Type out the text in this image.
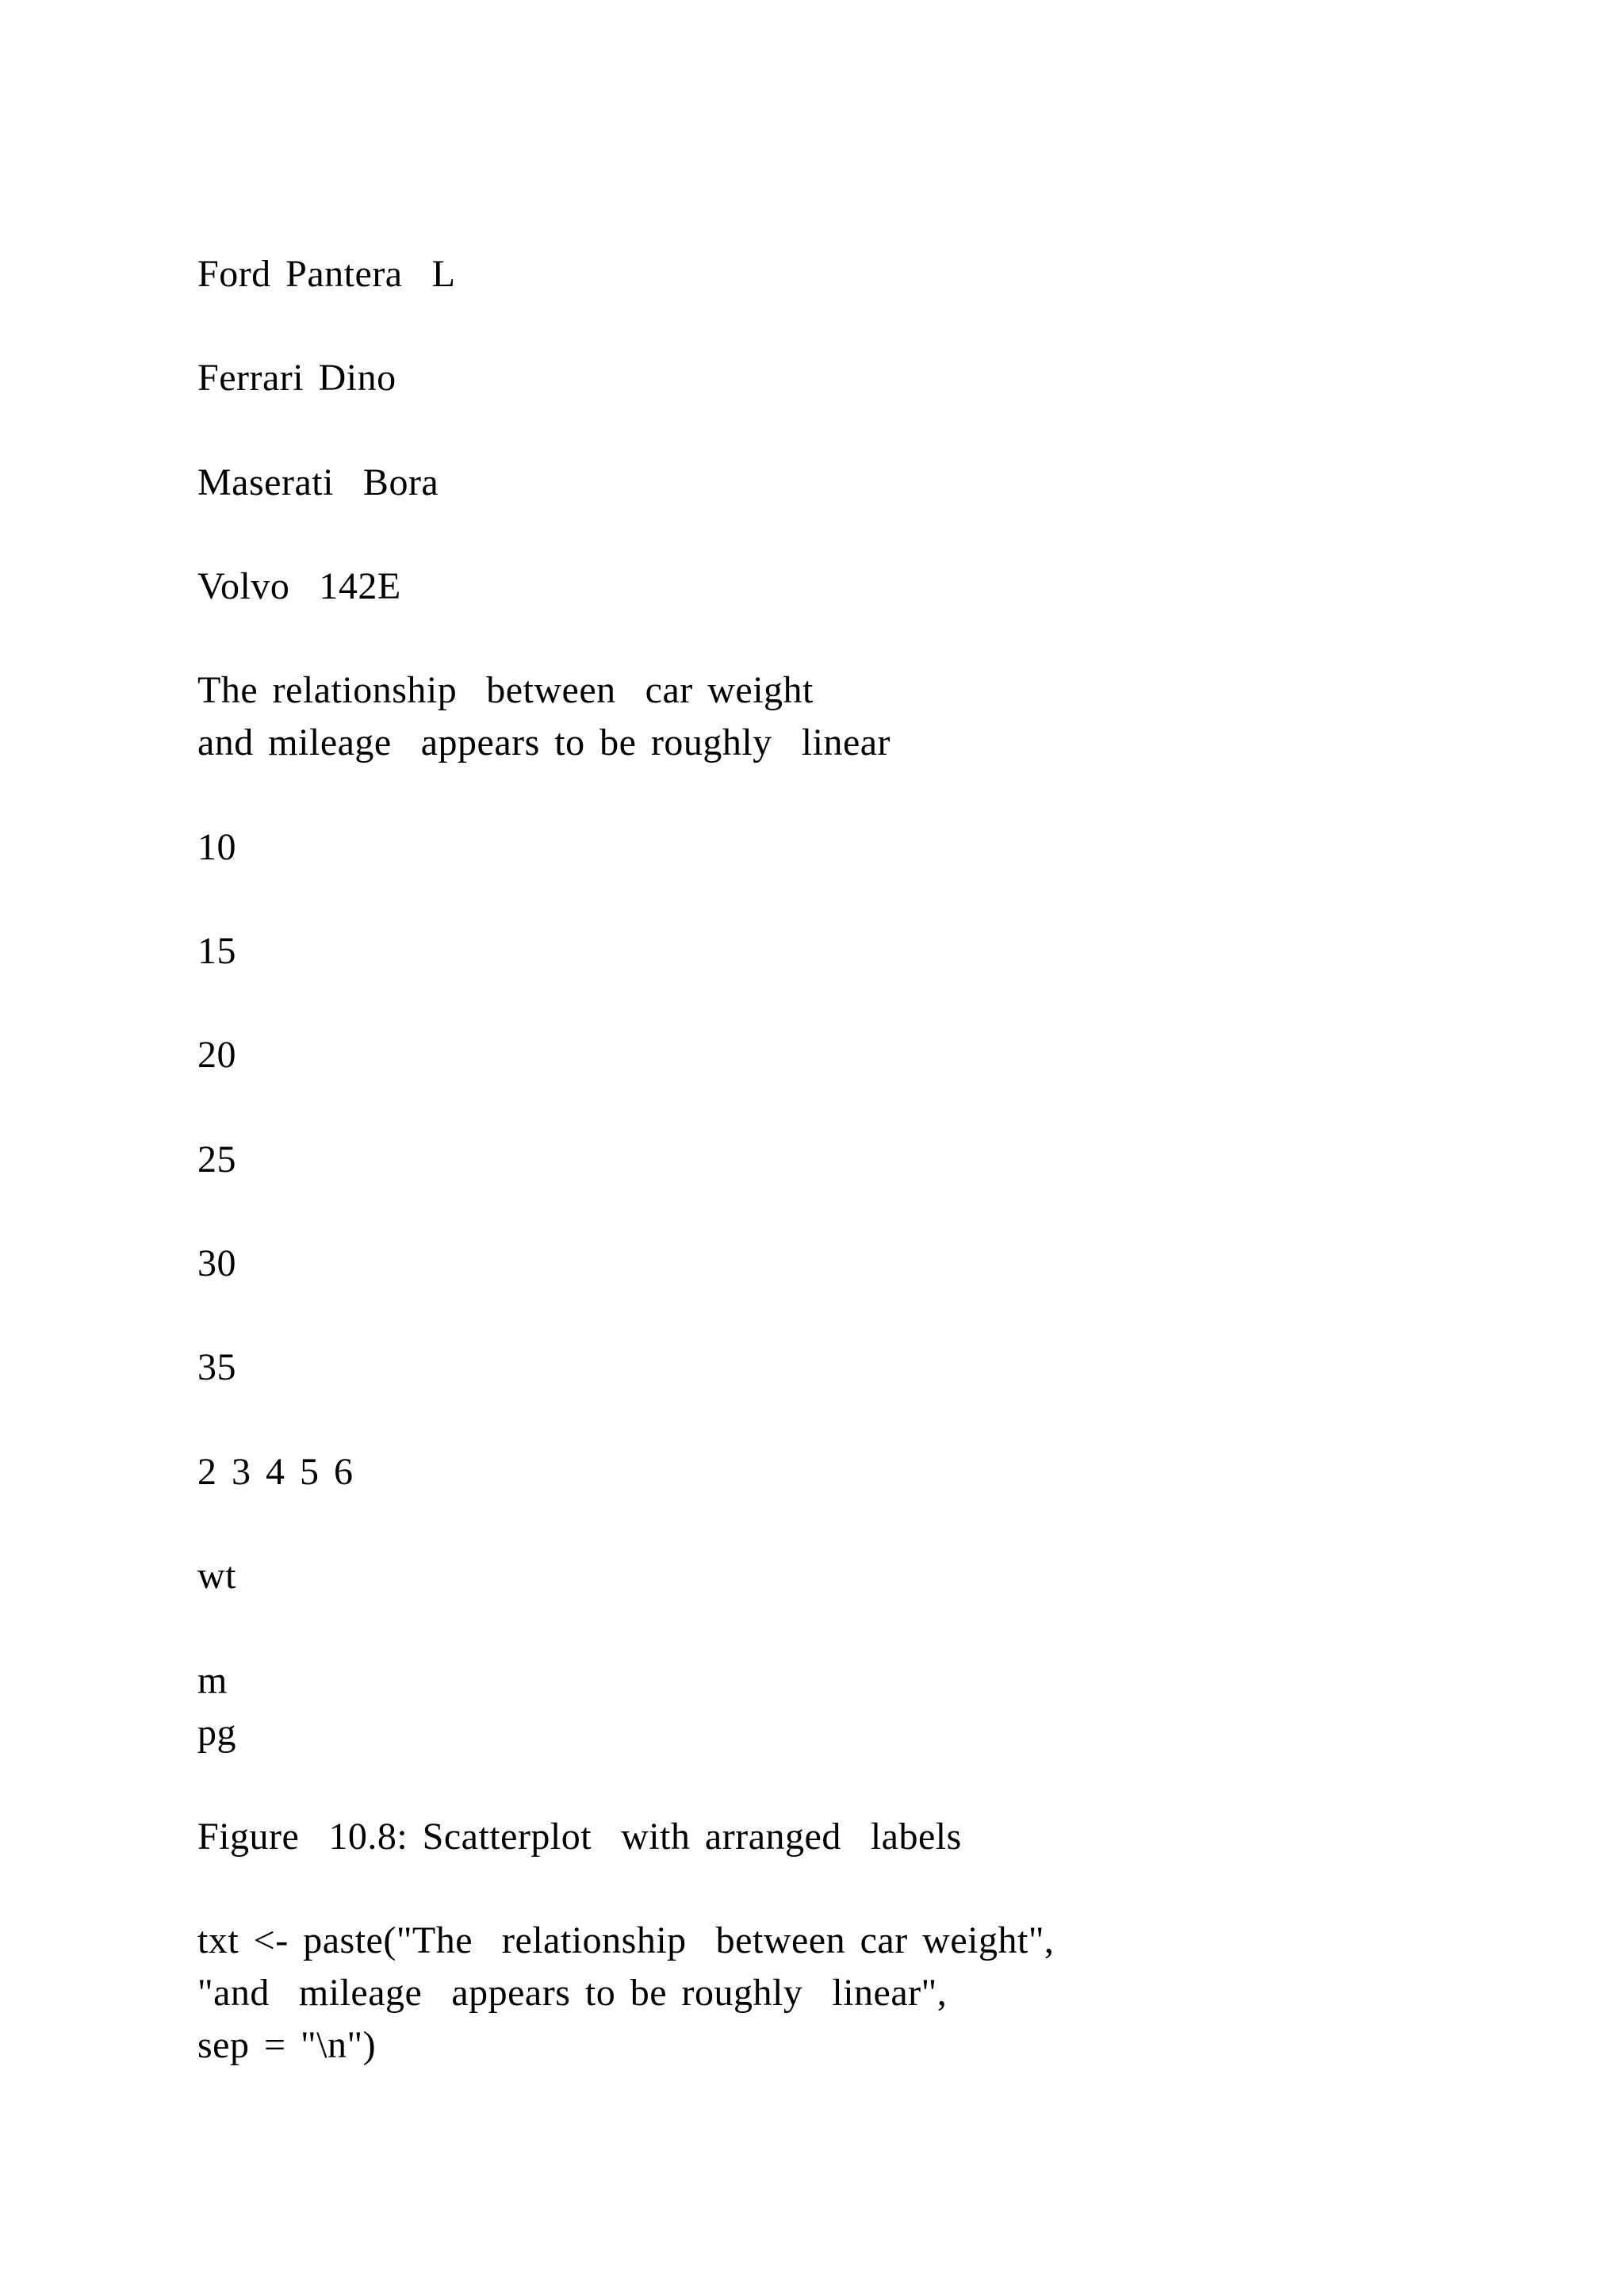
Ford Pantera  L

Ferrari Dino

Maserati  Bora

Volvo  142E

The relationship  between  car weight

and mileage  appears to be roughly  linear

10

15

20

25

30

35

2 3 4 5 6

wt

m

pg

Figure  10.8: Scatterplot  with arranged  labels

txt <- paste("The  relationship  between car weight",

"and  mileage  appears to be roughly  linear",

sep = "\n")
